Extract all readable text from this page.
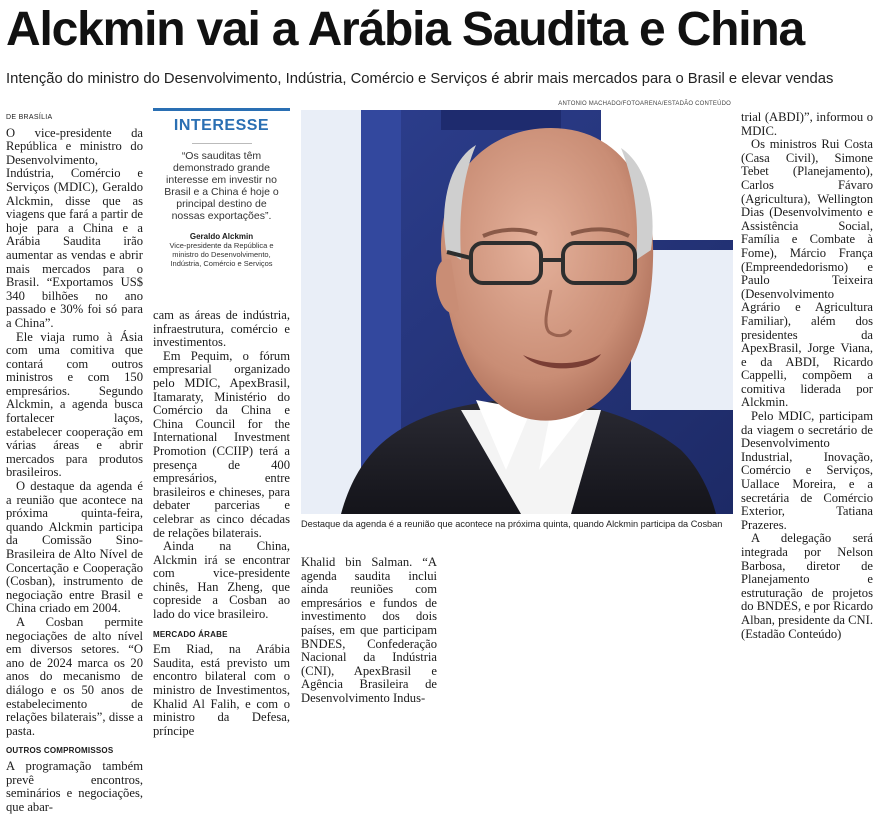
Alckmin vai a Arábia Saudita e China
Intenção do ministro do Desenvolvimento, Indústria, Comércio e Serviços é abrir mais mercados para o Brasil e elevar vendas
DE BRASÍLIA

O vice-presidente da República e ministro do Desenvolvimento, Indústria, Comércio e Serviços (MDIC), Geraldo Alckmin, disse que as viagens que fará a partir de hoje para a China e a Arábia Saudita irão aumentar as vendas e abrir mais mercados para o Brasil. “Exportamos US$ 340 bilhões no ano passado e 30% foi só para a China”.

Ele viaja rumo à Ásia com uma comitiva que contará com outros ministros e com 150 empresários. Segundo Alckmin, a agenda busca fortalecer laços, estabelecer cooperação em várias áreas e abrir mercados para produtos brasileiros.

O destaque da agenda é a reunião que acontece na próxima quinta-feira, quando Alckmin participa da Comissão Sino-Brasileira de Alto Nível de Concertação e Cooperação (Cosban), instrumento de negociação entre Brasil e China criado em 2004.

A Cosban permite negociações de alto nível em diversos setores. “O ano de 2024 marca os 20 anos do mecanismo de diálogo e os 50 anos de estabelecimento de relações bilaterais”, disse a pasta.

OUTROS COMPROMISSOS

A programação também prevê encontros, seminários e negociações, que abar-

INTERESSE
“Os sauditas têm demonstrado grande interesse em investir no Brasil e a China é hoje o principal destino de nossas exportações”.
Geraldo Alckmin
Vice-presidente da República e ministro do Desenvolvimento, Indústria, Comércio e Serviços

cam as áreas de indústria, infraestrutura, comércio e investimentos.

Em Pequim, o fórum empresarial organizado pelo MDIC, ApexBrasil, Itamaraty, Ministério do Comércio da China e China Council for the International Investment Promotion (CCIIP) terá a presença de 400 empresários, entre brasileiros e chineses, para debater parcerias e celebrar as cinco décadas de relações bilaterais.

Ainda na China, Alckmin irá se encontrar com vice-presidente chinês, Han Zheng, que copreside a Cosban ao lado do vice brasileiro.

MERCADO ÁRABE

Em Riad, na Arábia Saudita, está previsto um encontro bilateral com o ministro de Investimentos, Khalid Al Falih, e com o ministro da Defesa, príncipe

ANTONIO MACHADO/FOTOARENA/ESTADÃO CONTEÚDO
Destaque da agenda é a reunião que acontece na próxima quinta, quando Alckmin participa da Cosban

Khalid bin Salman. “A agenda saudita inclui ainda reuniões com empresários e fundos de investimento dos dois países, em que participam BNDES, Confederação Nacional da Indústria (CNI), ApexBrasil e Agência Brasileira de Desenvolvimento Indus-

trial (ABDI)”, informou o MDIC.

Os ministros Rui Costa (Casa Civil), Simone Tebet (Planejamento), Carlos Fávaro (Agricultura), Wellington Dias (Desenvolvimento e Assistência Social, Família e Combate à Fome), Márcio França (Empreendedorismo) e Paulo Teixeira (Desenvolvimento Agrário e Agricultura Familiar), além dos presidentes da ApexBrasil, Jorge Viana, e da ABDI, Ricardo Cappelli, compõem a comitiva liderada por Alckmin.

Pelo MDIC, participam da viagem o secretário de Desenvolvimento Industrial, Inovação, Comércio e Serviços, Uallace Moreira, e a secretária de Comércio Exterior, Tatiana Prazeres.

A delegação será integrada por Nelson Barbosa, diretor de Planejamento e estruturação de projetos do BNDES, e por Ricardo Alban, presidente da CNI. (Estadão Conteúdo)
